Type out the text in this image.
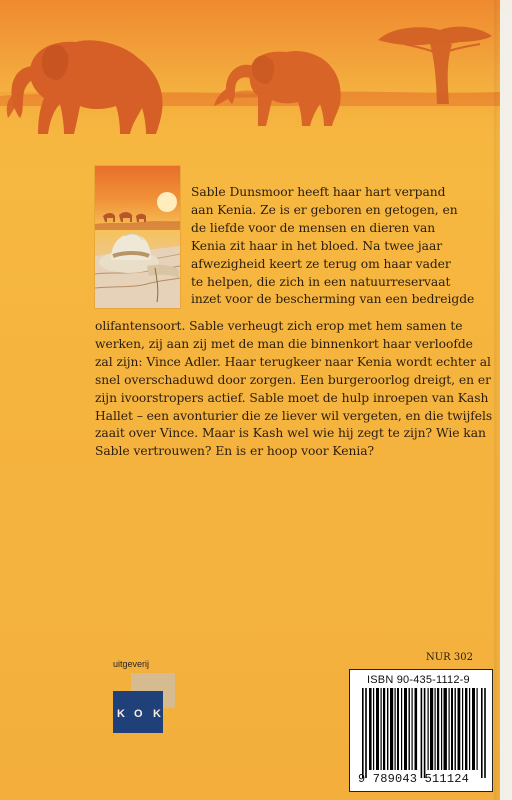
Sable Dunsmoor heeft haar hart verpand
aan Kenia. Ze is er geboren en getogen, en
de liefde voor de mensen en dieren van
Kenia zit haar in het bloed. Na twee jaar
afwezigheid keert ze terug om haar vader
te helpen, die zich in een natuurreservaat
inzet voor de bescherming van een bedreigde
olifantensoort. Sable verheugt zich erop met hem samen te
werken, zij aan zij met de man die binnenkort haar verloofde
zal zijn: Vince Adler. Haar terugkeer naar Kenia wordt echter al
snel overschaduwd door zorgen. Een burgeroorlog dreigt, en er
zijn ivoorstropers actief. Sable moet de hulp inroepen van Kash
Hallet – een avonturier die ze liever wil vergeten, en die twijfels
zaait over Vince. Maar is Kash wel wie hij zegt te zijn? Wie kan
Sable vertrouwen? En is er hoop voor Kenia?
uitgeverij
K O K
NUR 302
ISBN 90-435-1112-9
9 789043 511124
